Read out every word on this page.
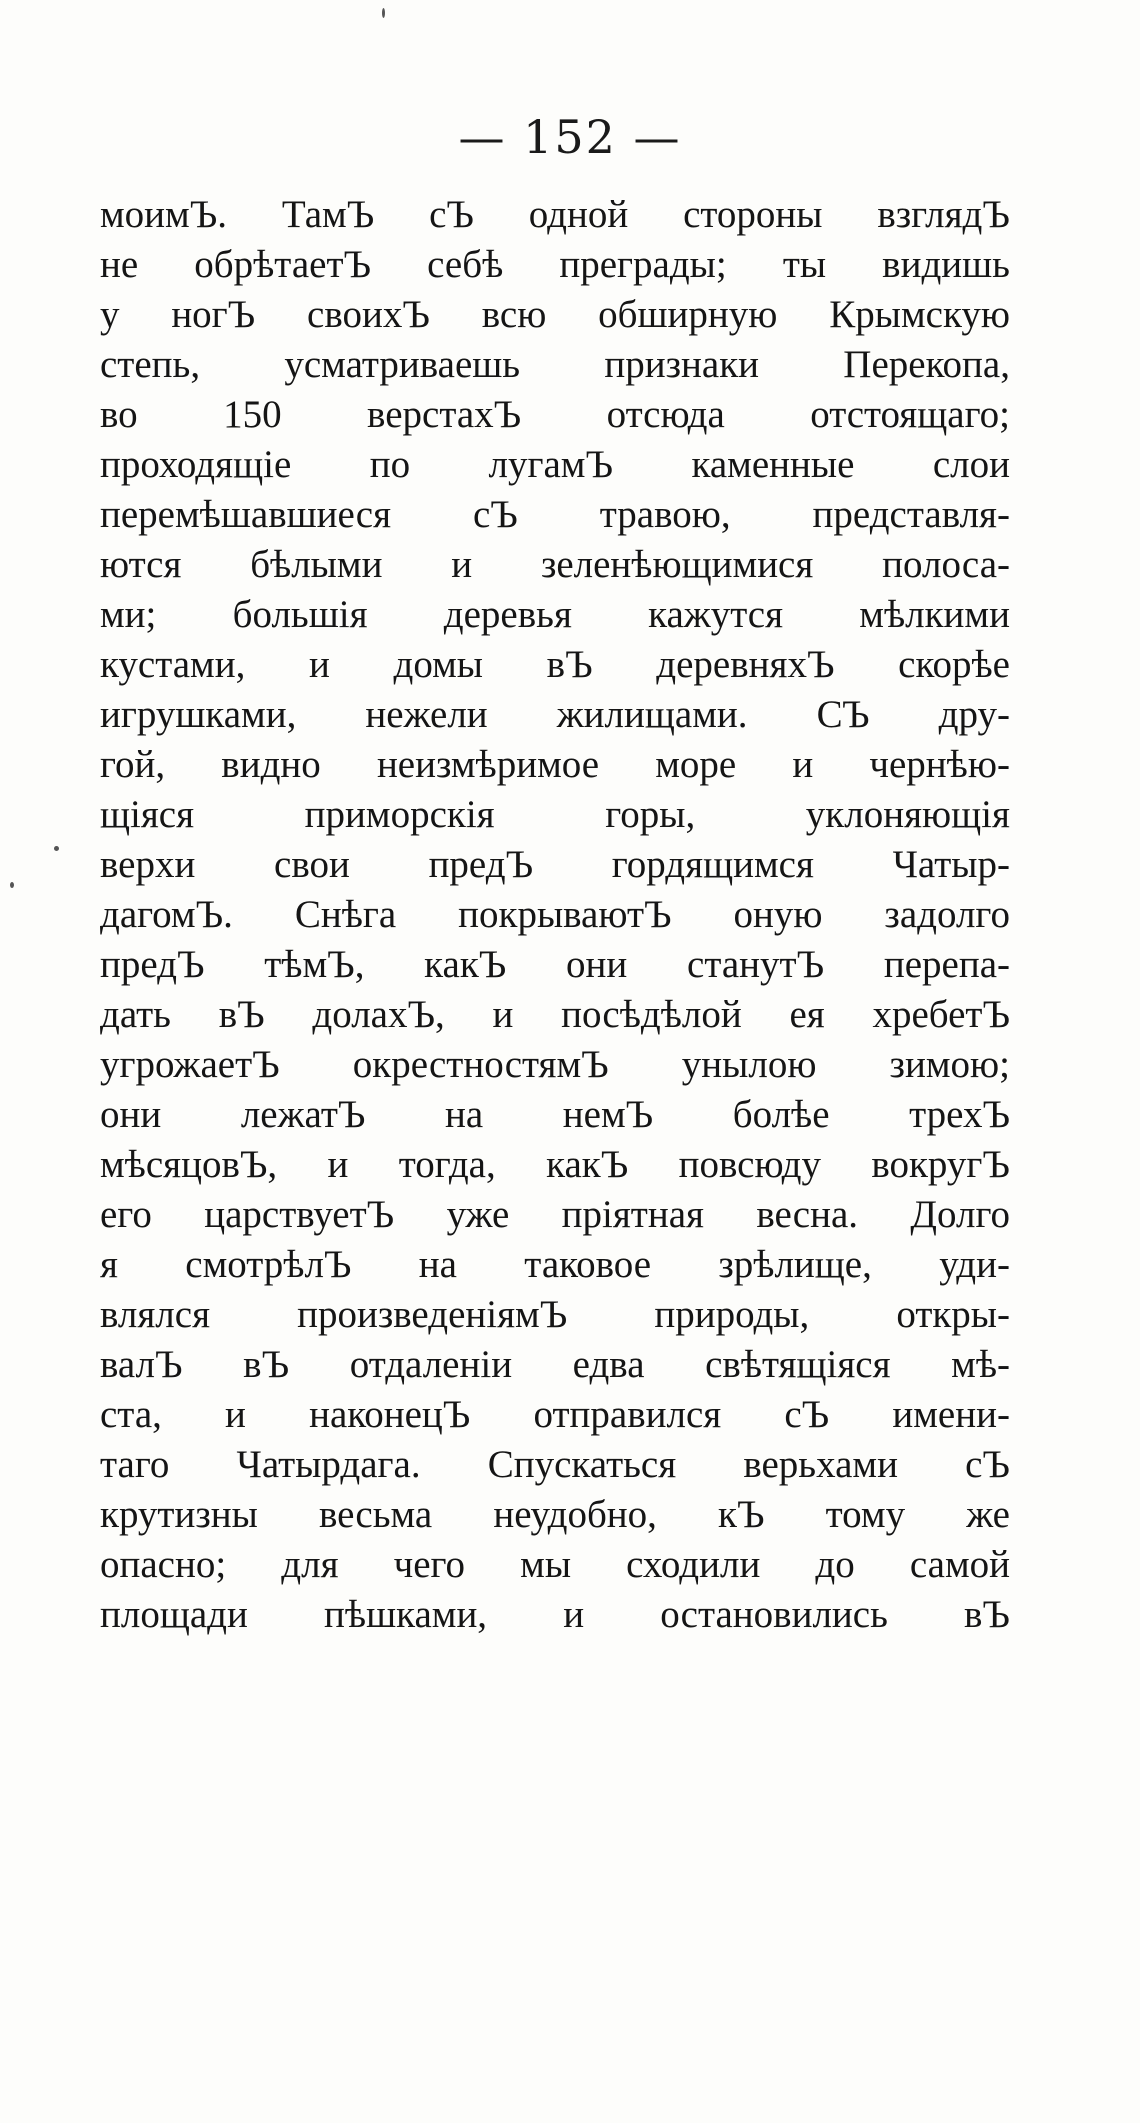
— 152 —
моимЪ. ТамЪ сЪ одной стороны взглядЪ
не обрѣтаетЪ себѣ преграды; ты видишь
у ногЪ своихЪ всю обширную Крымскую
степь, усматриваешь признаки Перекопа,
во 150 верстахЪ отсюда отстоящаго;
проходящіе по лугамЪ каменные слои
перемѣшавшиеся сЪ травою, представля-
ются бѣлыми и зеленѣющимися полоса-
ми; большія деревья кажутся мѣлкими
кустами, и домы вЪ деревняхЪ скорѣе
игрушками, нежели жилищами. СЪ дру-
гой, видно неизмѣримое море и чернѣю-
щіяся	приморскія	горы,	уклоняющія
верхи свои предЪ гордящимся Чатыр-
дагомЪ. Снѣга покрываютЪ оную задолго
предЪ тѣмЪ, какЪ они станутЪ перепа-
дать вЪ долахЪ, и посѣдѣлой ея хребетЪ
угрожаетЪ окрестностямЪ унылою зимою;
они лежатЪ на немЪ болѣе трехЪ
мѣсяцовЪ, и тогда, какЪ повсюду вокругЪ
его царствуетЪ уже пріятная весна. Долго
я смотрѣлЪ на таковое зрѣлище, уди-
влялся произведеніямЪ природы, откры-
валЪ вЪ отдаленіи едва свѣтящіяся мѣ-
ста, и наконецЪ отправился сЪ имени-
таго Чатырдага. Спускаться верьхами сЪ
крутизны весьма неудобно, кЪ тому же
опасно; для чего мы сходили до самой
площади пѣшками, и остановились вЪ
